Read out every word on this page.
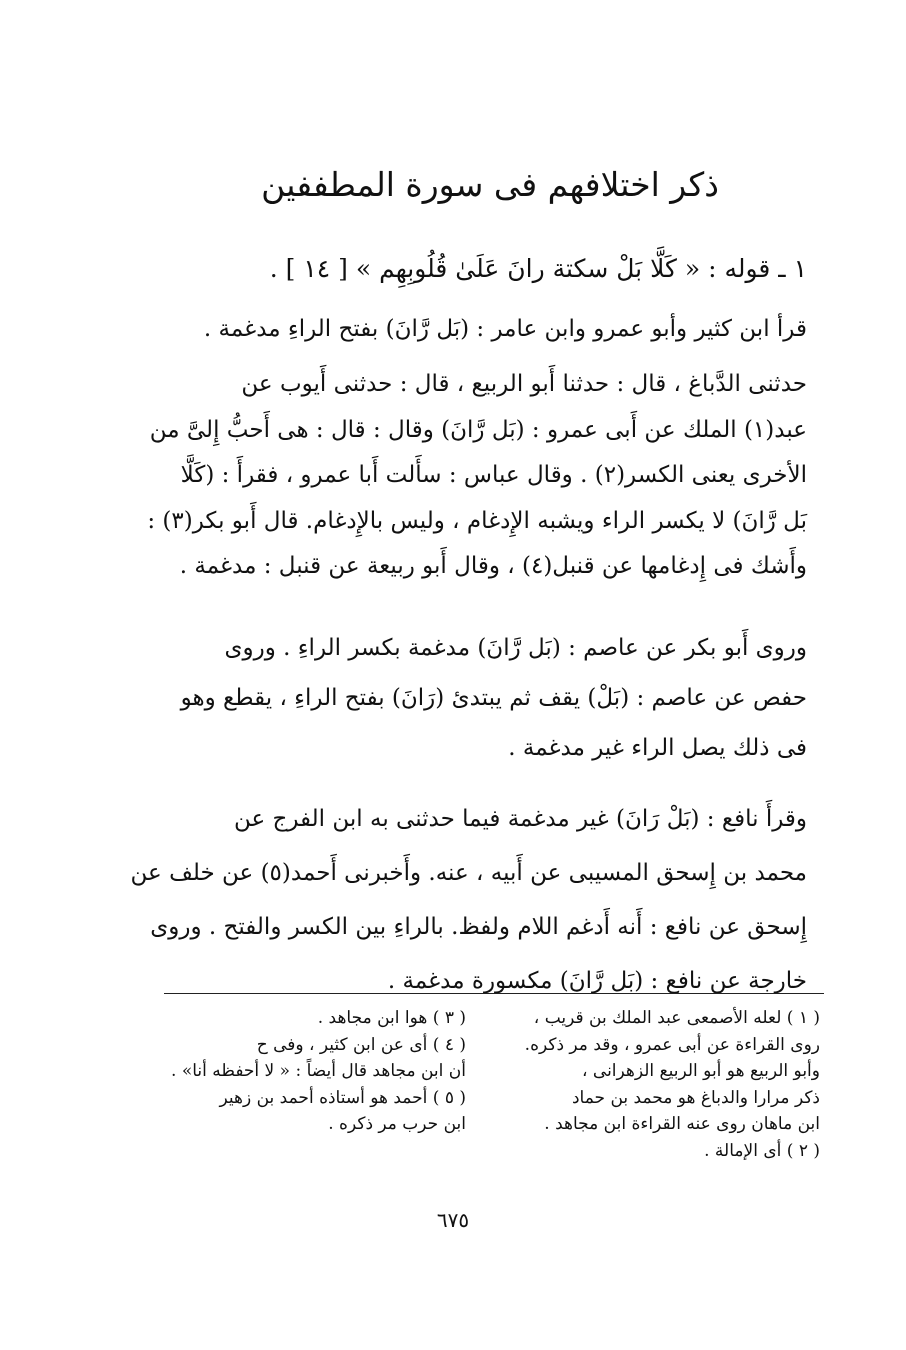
ذكر اختلافهم فى سورة المطففين
١ ـ قوله : « كَلَّا بَلْ سكتة رانَ عَلَىٰ قُلُوبِهِم » [ ١٤ ] .
قرأ ابن كثير وأبو عمرو وابن عامر : (بَل رَّانَ) بفتح الراءِ مدغمة .
حدثنى الدَّباغ ، قال : حدثنا أَبو الربيع ، قال : حدثنى أَيوب عن
عبد(١) الملك عن أَبى عمرو : (بَل رَّانَ) وقال : قال : هى أَحبُّ إِلىَّ من
الأخرى يعنى الكسر(٢) . وقال عباس : سأَلت أَبا عمرو ، فقرأَ : (كَلَّا
بَل رَّانَ) لا يكسر الراء ويشبه الإِدغام ، وليس بالإِدغام. قال أَبو بكر(٣) :
وأَشك فى إِدغامها عن قنبل(٤) ، وقال أَبو ربيعة عن قنبل : مدغمة .
وروى أَبو بكر عن عاصم : (بَل رَّانَ) مدغمة بكسر الراءِ . وروى
حفص عن عاصم : (بَلْ) يقف ثم يبتدئ (رَانَ) بفتح الراءِ ، يقطع وهو
فى ذلك يصل الراء غير مدغمة .
وقرأَ نافع : (بَلْ رَانَ) غير مدغمة فيما حدثنى به ابن الفرج عن
محمد بن إِسحق المسيبى عن أَبيه ، عنه. وأَخبرنى أَحمد(٥) عن خلف عن
إِسحق عن نافع : أَنه أَدغم اللام ولفظ. بالراءِ بين الكسر والفتح . وروى
خارجة عن نافع : (بَل رَّانَ) مكسورة مدغمة .
( ١ ) لعله الأصمعى عبد الملك بن قريب ،
روى القراءة عن أبى عمرو ، وقد مر ذكره.
وأبو الربيع هو أبو الربيع الزهرانى ،
ذكر مرارا والدباغ هو محمد بن حماد
ابن ماهان روى عنه القراءة ابن مجاهد .
( ٢ ) أى الإمالة .
( ٣ ) هوا ابن مجاهد .
( ٤ ) أى عن ابن كثير ، وفى ح
أن ابن مجاهد قال أيضاً : « لا أحفظه أنا» .
( ٥ ) أحمد هو أستاذه أحمد بن زهير
ابن حرب مر ذكره .
٦٧٥
